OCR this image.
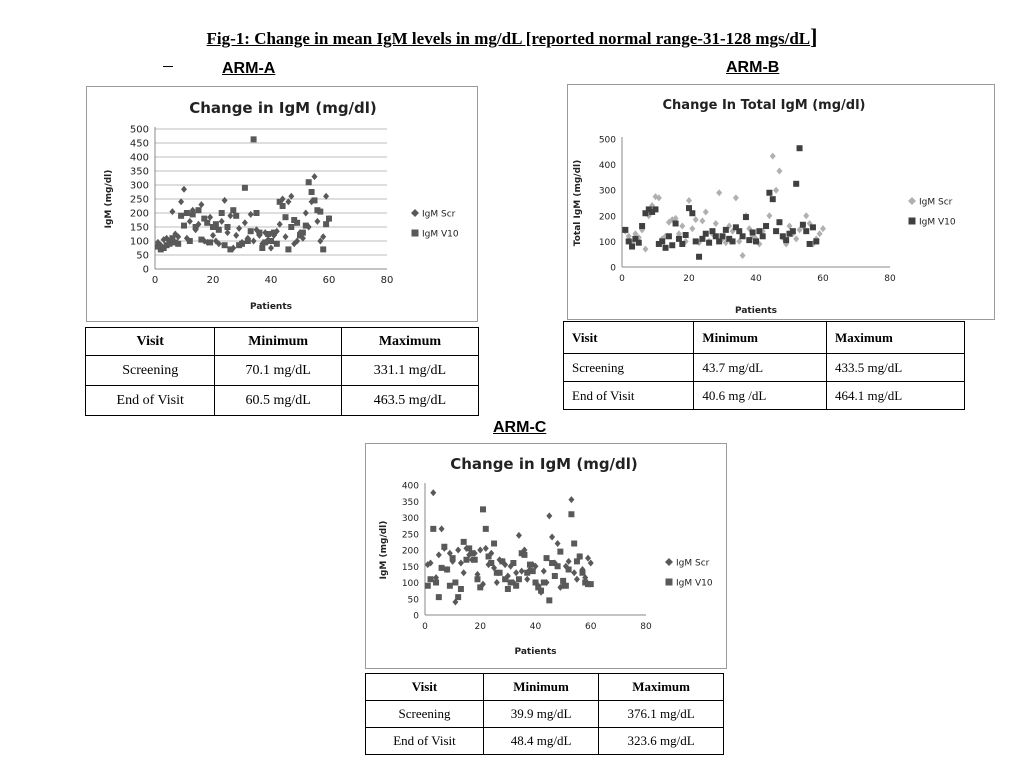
Fig-1: Change in mean IgM levels in mg/dL [reported normal range-31-128 mgs/dL]
ARM-A	ARM-B
ARM-C
Change in IgM (mg/dl)
0
50
100
150
200
250
300
350
400
450
500
0	20	40	60	80
IgM (mg/dl)
Patients
IgM Scr
IgM V10
Change In Total IgM (mg/dl)
0
100
200
300
400
500
0	20	40	60	80
Total IgM (mg/dl)
Patients
IgM Scr
IgM V10
Change in IgM (mg/dl)
0
50
100
150
200
250
300
350
400
0	20	40	60	80
IgM (mg/dl)
Patients
IgM Scr
IgM V10
Visit	Minimum	Maximum
Screening	70.1 mg/dL	331.1 mg/dL
End of Visit	60.5 mg/dL	463.5 mg/dL
Visit	Minimum	Maximum
Screening	43.7 mg/dL	433.5 mg/dL
End of Visit	40.6 mg /dL	464.1 mg/dL
Visit	Minimum	Maximum
Screening	39.9 mg/dL	376.1 mg/dL
End of Visit	48.4 mg/dL	323.6 mg/dL
